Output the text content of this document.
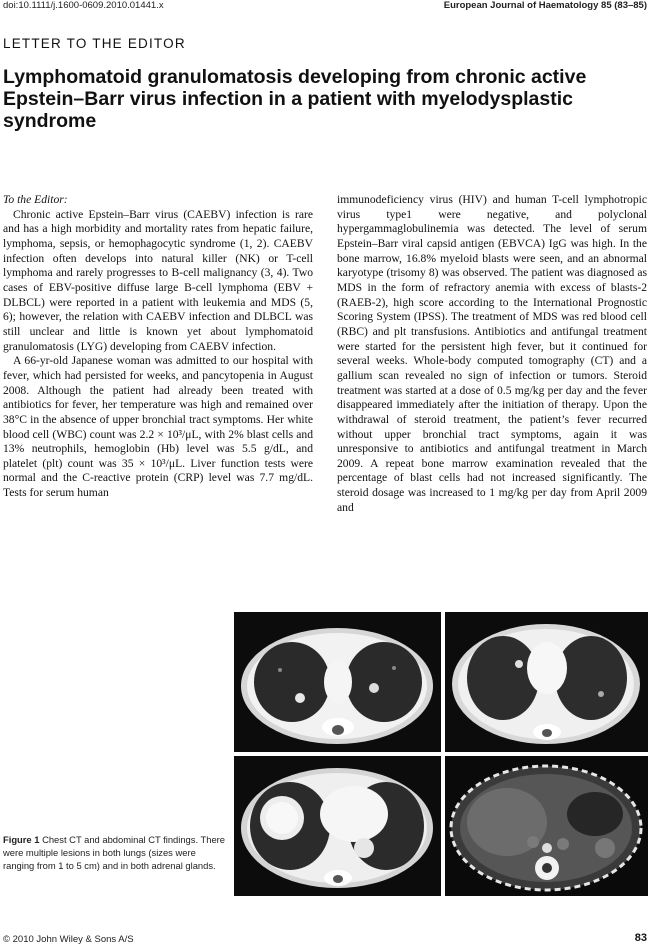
doi:10.1111/j.1600-0609.2010.01441.x	European Journal of Haematology 85 (83–85)
LETTER TO THE EDITOR
Lymphomatoid granulomatosis developing from chronic active Epstein–Barr virus infection in a patient with myelodysplastic syndrome

To the Editor:

Chronic active Epstein–Barr virus (CAEBV) infection is rare and has a high morbidity and mortality rates from hepatic failure, lymphoma, sepsis, or hemophagocytic syndrome (1, 2). CAEBV infection often develops into natural killer (NK) or T-cell lymphoma and rarely progresses to B-cell malignancy (3, 4). Two cases of EBV-positive diffuse large B-cell lymphoma (EBV + DLBCL) were reported in a patient with leukemia and MDS (5, 6); however, the relation with CAEBV infection and DLBCL was still unclear and little is known yet about lymphomatoid granulomatosis (LYG) developing from CAEBV infection.

A 66-yr-old Japanese woman was admitted to our hospital with fever, which had persisted for weeks, and pancytopenia in August 2008. Although the patient had already been treated with antibiotics for fever, her temperature was high and remained over 38°C in the absence of upper bronchial tract symptoms. Her white blood cell (WBC) count was 2.2 × 10³/μL, with 2% blast cells and 13% neutrophils, hemoglobin (Hb) level was 5.5 g/dL, and platelet (plt) count was 35 × 10³/μL. Liver function tests were normal and the C-reactive protein (CRP) level was 7.7 mg/dL. Tests for serum human

immunodeficiency virus (HIV) and human T-cell lymphotropic virus type1 were negative, and polyclonal hypergammaglobulinemia was detected. The level of serum Epstein–Barr viral capsid antigen (EBVCA) IgG was high. In the bone marrow, 16.8% myeloid blasts were seen, and an abnormal karyotype (trisomy 8) was observed. The patient was diagnosed as MDS in the form of refractory anemia with excess of blasts-2 (RAEB-2), high score according to the International Prognostic Scoring System (IPSS). The treatment of MDS was red blood cell (RBC) and plt transfusions. Antibiotics and antifungal treatment were started for the persistent high fever, but it continued for several weeks. Whole-body computed tomography (CT) and a gallium scan revealed no sign of infection or tumors. Steroid treatment was started at a dose of 0.5 mg/kg per day and the fever disappeared immediately after the initiation of therapy. Upon the withdrawal of steroid treatment, the patient’s fever recurred without upper bronchial tract symptoms, again it was unresponsive to antibiotics and antifungal treatment in March 2009. A repeat bone marrow examination revealed that the percentage of blast cells had not increased significantly. The steroid dosage was increased to 1 mg/kg per day from April 2009 and

Figure 1 Chest CT and abdominal CT findings. There were multiple lesions in both lungs (sizes were ranging from 1 to 5 cm) and in both adrenal glands.
© 2010 John Wiley & Sons A/S	83
